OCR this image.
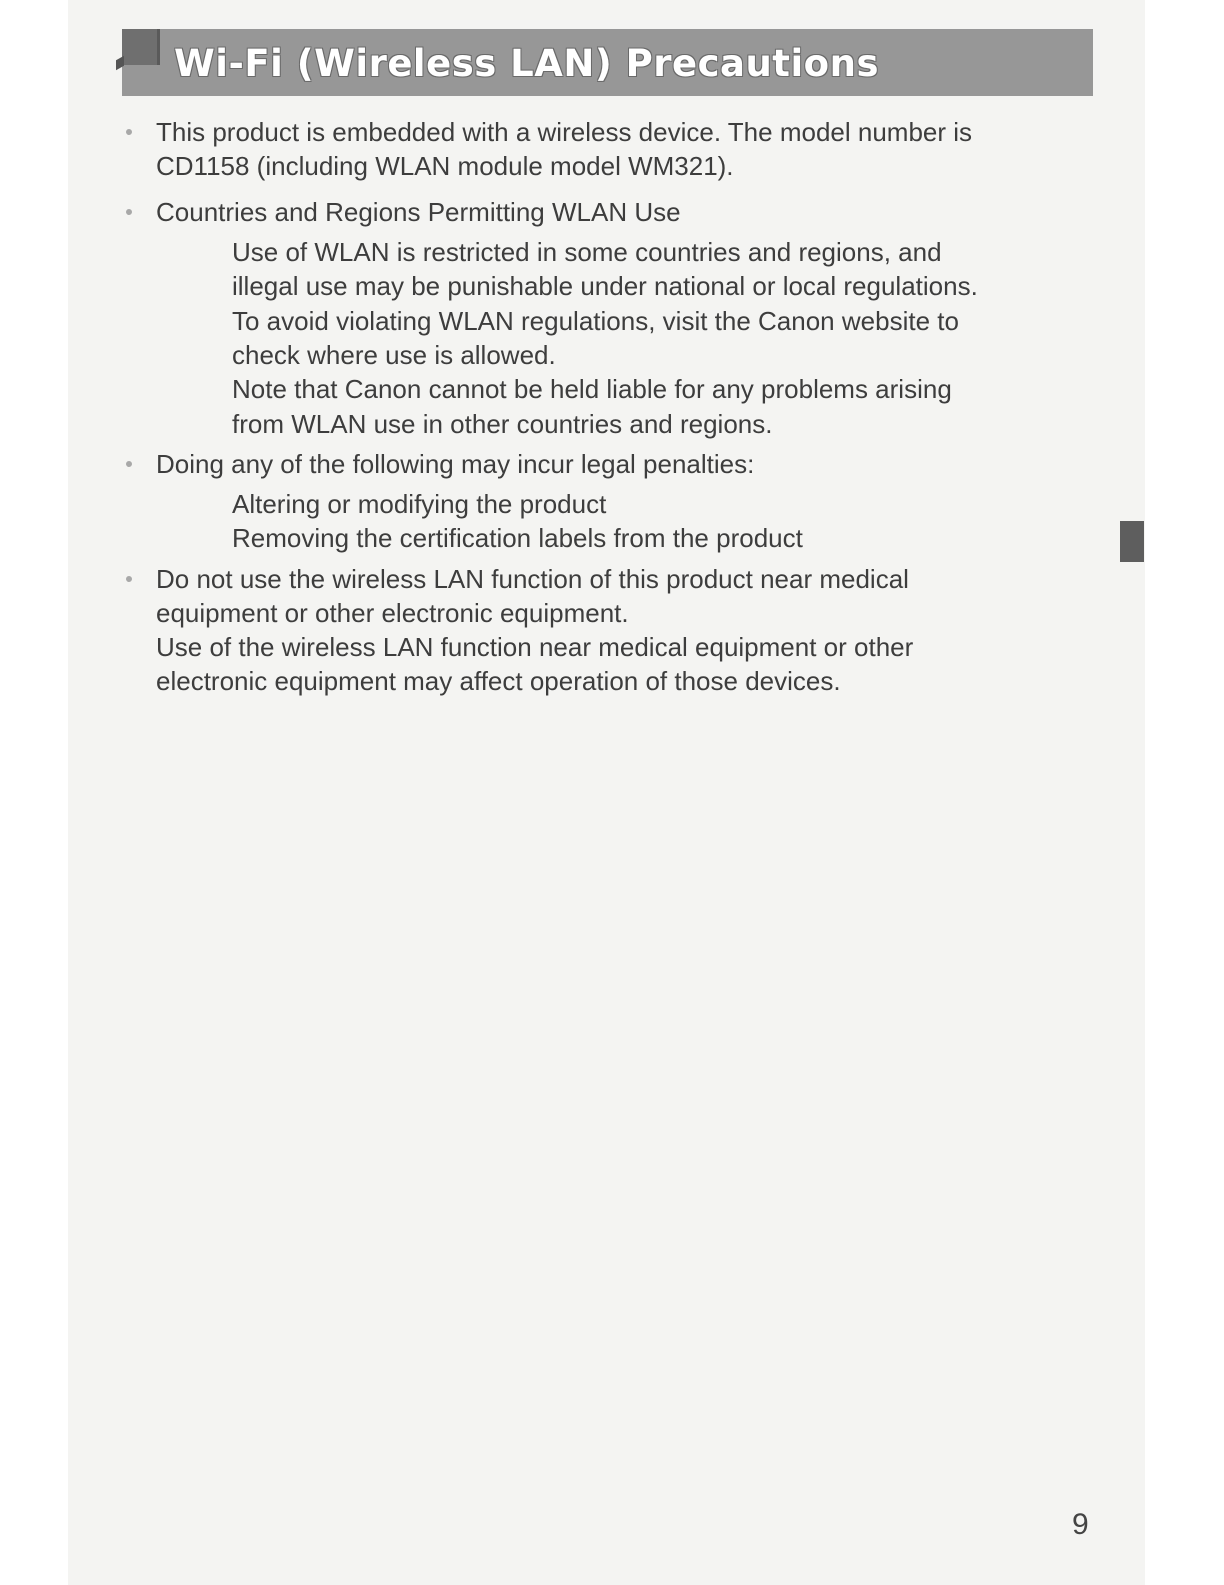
Wi-Fi (Wireless LAN) Precautions
This product is embedded with a wireless device. The model number is
CD1158 (including WLAN module model WM321).
Countries and Regions Permitting WLAN Use
Use of WLAN is restricted in some countries and regions, and
illegal use may be punishable under national or local regulations.
To avoid violating WLAN regulations, visit the Canon website to
check where use is allowed.
Note that Canon cannot be held liable for any problems arising
from WLAN use in other countries and regions.
Doing any of the following may incur legal penalties:
Altering or modifying the product
Removing the certification labels from the product
Do not use the wireless LAN function of this product near medical
equipment or other electronic equipment.
Use of the wireless LAN function near medical equipment or other
electronic equipment may affect operation of those devices.
9
